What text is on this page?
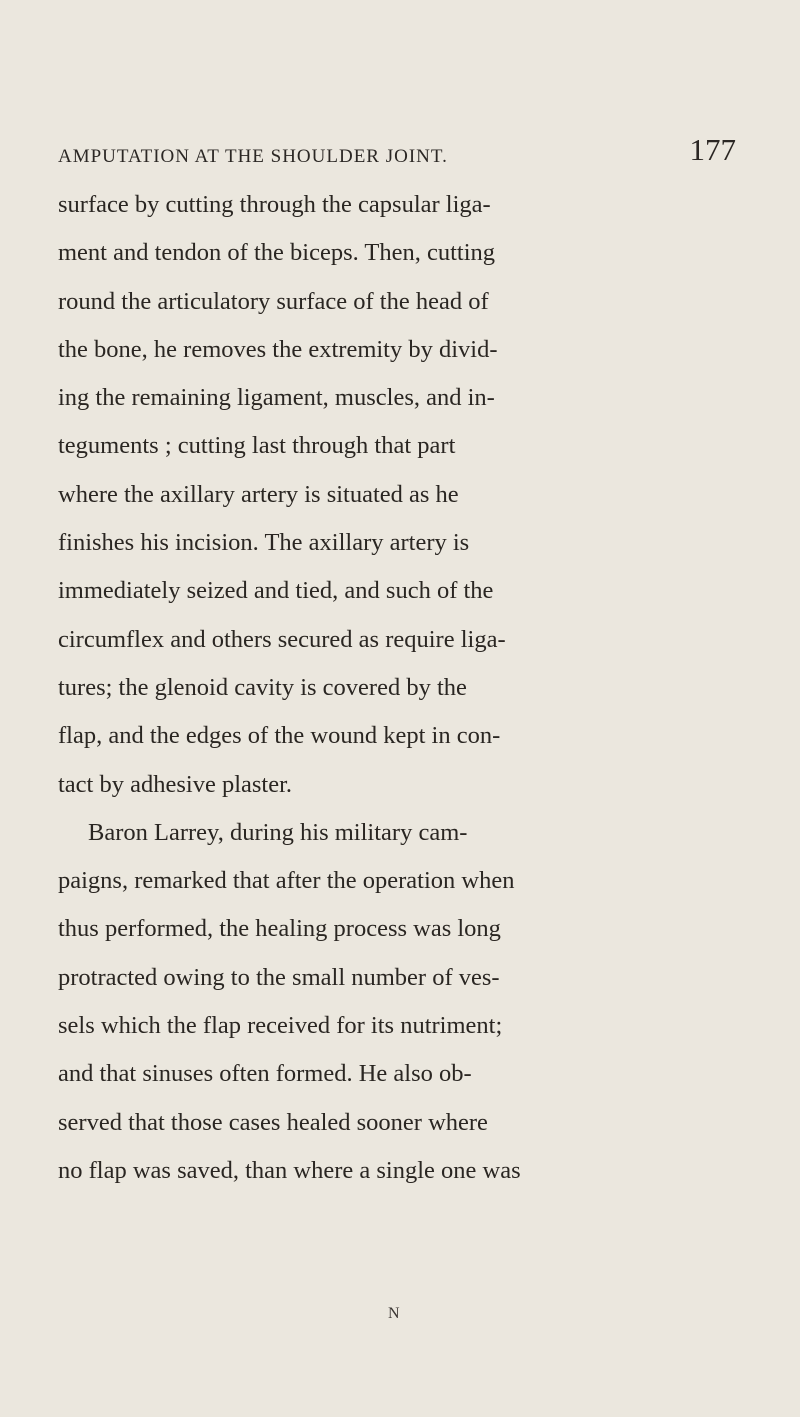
AMPUTATION AT THE SHOULDER JOINT.	177
surface by cutting through the capsular liga-
ment and tendon of the biceps. Then, cutting
round the articulatory surface of the head of
the bone, he removes the extremity by divid-
ing the remaining ligament, muscles, and in-
teguments ; cutting last through that part
where the axillary artery is situated as he
finishes his incision. The axillary artery is
immediately seized and tied, and such of the
circumflex and others secured as require liga-
tures; the glenoid cavity is covered by the
flap, and the edges of the wound kept in con-
tact by adhesive plaster.
Baron Larrey, during his military cam-
paigns, remarked that after the operation when
thus performed, the healing process was long
protracted owing to the small number of ves-
sels which the flap received for its nutriment;
and that sinuses often formed. He also ob-
served that those cases healed sooner where
no flap was saved, than where a single one was
N
